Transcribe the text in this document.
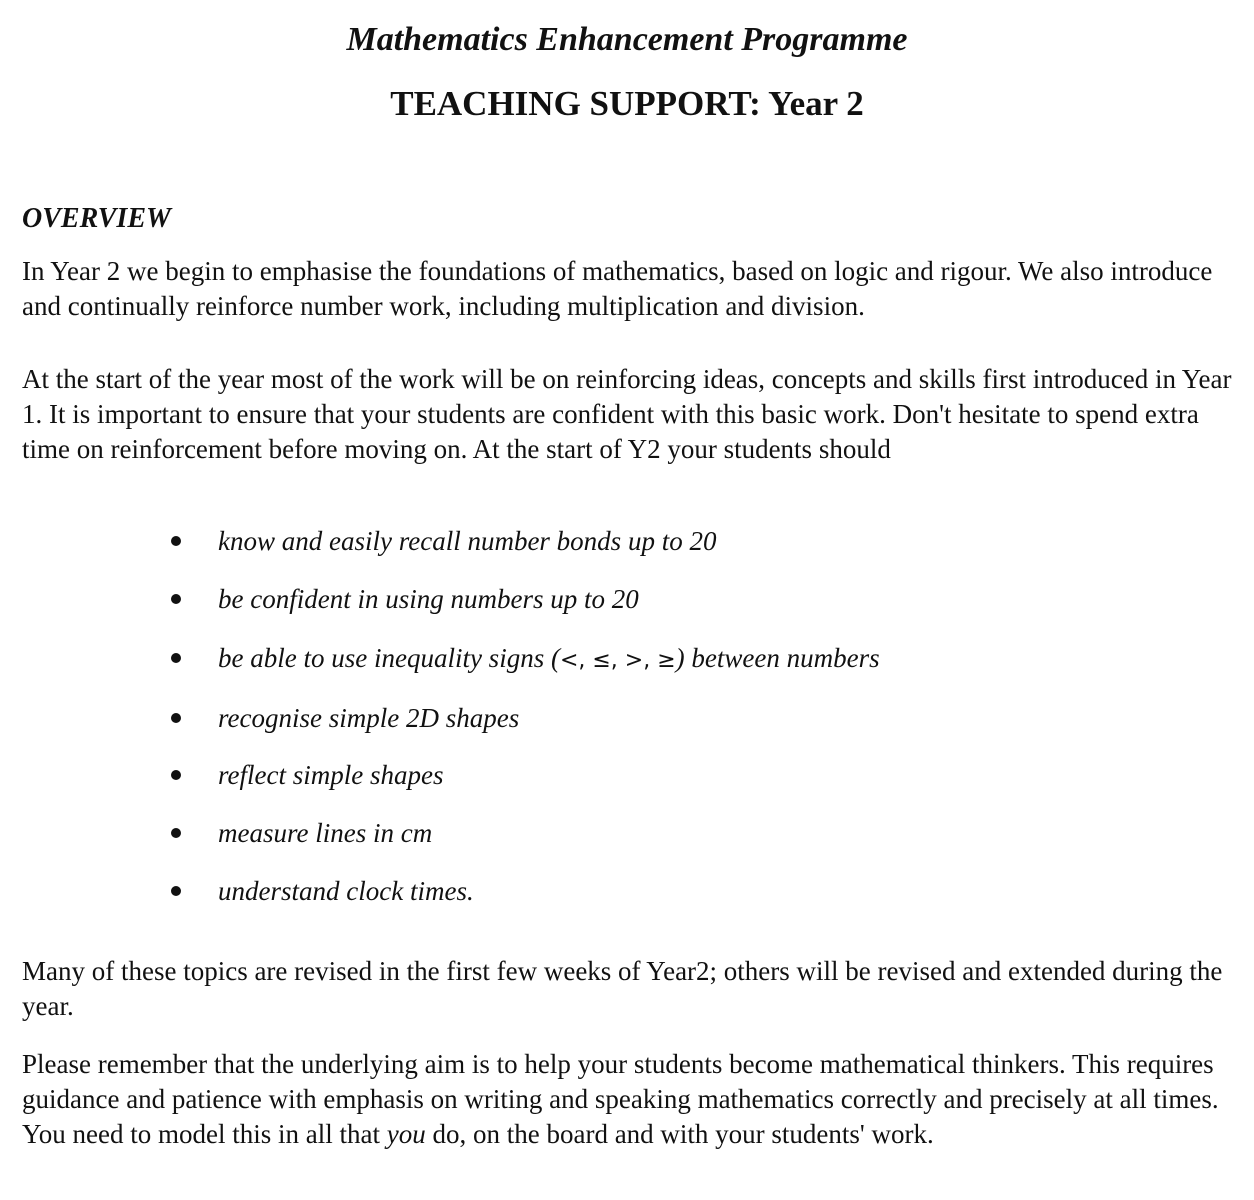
Mathematics Enhancement Programme
TEACHING SUPPORT: Year 2
OVERVIEW

In Year 2 we begin to emphasise the foundations of mathematics, based on logic and rigour. We also introduce and continually reinforce number work, including multiplication and division.

At the start of the year most of the work will be on reinforcing ideas, concepts and skills first introduced in Year 1. It is important to ensure that your students are confident with this basic work. Don't hesitate to spend extra time on reinforcement before moving on. At the start of Y2 your students should

know and easily recall number bonds up to 20
be confident in using numbers up to 20
be able to use inequality signs (<, ≤, >, ≥) between numbers
recognise simple 2D shapes
reflect simple shapes
measure lines in cm
understand clock times.

Many of these topics are revised in the first few weeks of Year2; others will be revised and extended during the year.

Please remember that the underlying aim is to help your students become mathematical thinkers. This requires guidance and patience with emphasis on writing and speaking mathematics correctly and precisely at all times. You need to model this in all that you do, on the board and with your students' work.
